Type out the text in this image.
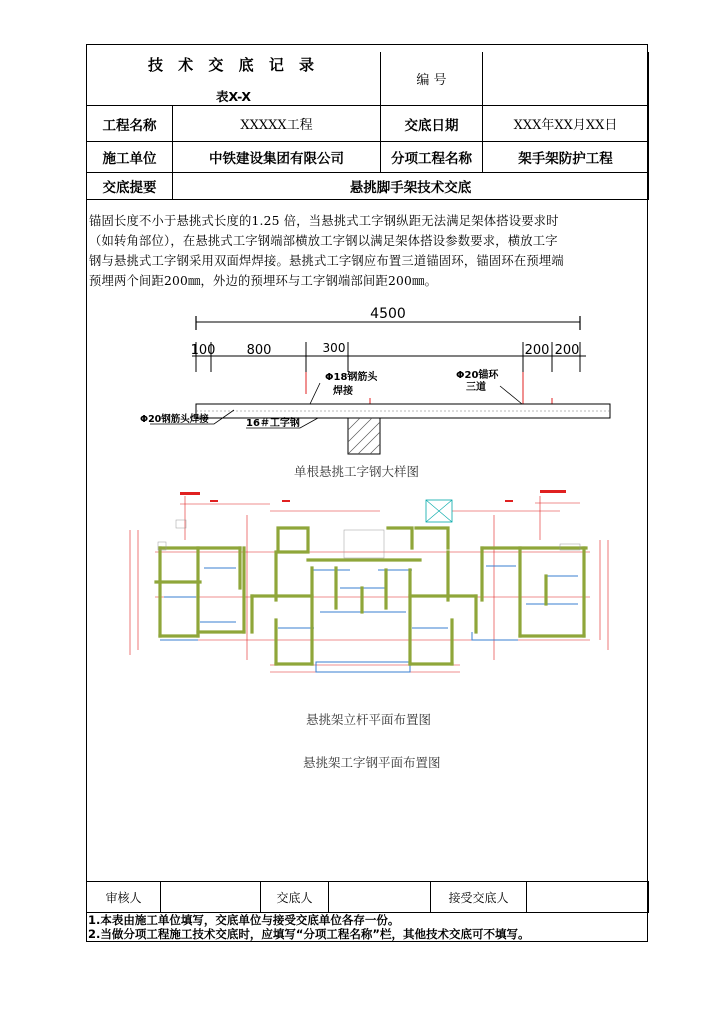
技 术 交 底 记 录
表X-X		编 号	
工程名称	XXXXX工程	交底日期	XXX年XX月XX日
施工单位	中铁建设集团有限公司	分项工程名称	架手架防护工程
交底提要	悬挑脚手架技术交底		
锚固长度不小于悬挑式长度的1.25 倍，当悬挑式工字钢纵距无法满足架体搭设要求时
（如转角部位），在悬挑式工字钢端部横放工字钢以满足架体搭设参数要求，横放工字
钢与悬挑式工字钢采用双面焊焊接。悬挑式工字钢应布置三道锚固环，锚固环在预埋端
预埋两个间距200㎜，外边的预埋环与工字钢端部间距200㎜。
4500
100 800	300	200 200
Φ18钢筋头
焊接
Φ20锚环
三道
Φ20钢筋头焊接	16＃工字钢
单根悬挑工字钢大样图
悬挑架立杆平面布置图
悬挑架工字钢平面布置图
审核人		交底人		接受交底人	
1.本表由施工单位填写，交底单位与接受交底单位各存一份。
2.当做分项工程施工技术交底时，应填写“分项工程名称”栏，其他技术交底可不填写。
